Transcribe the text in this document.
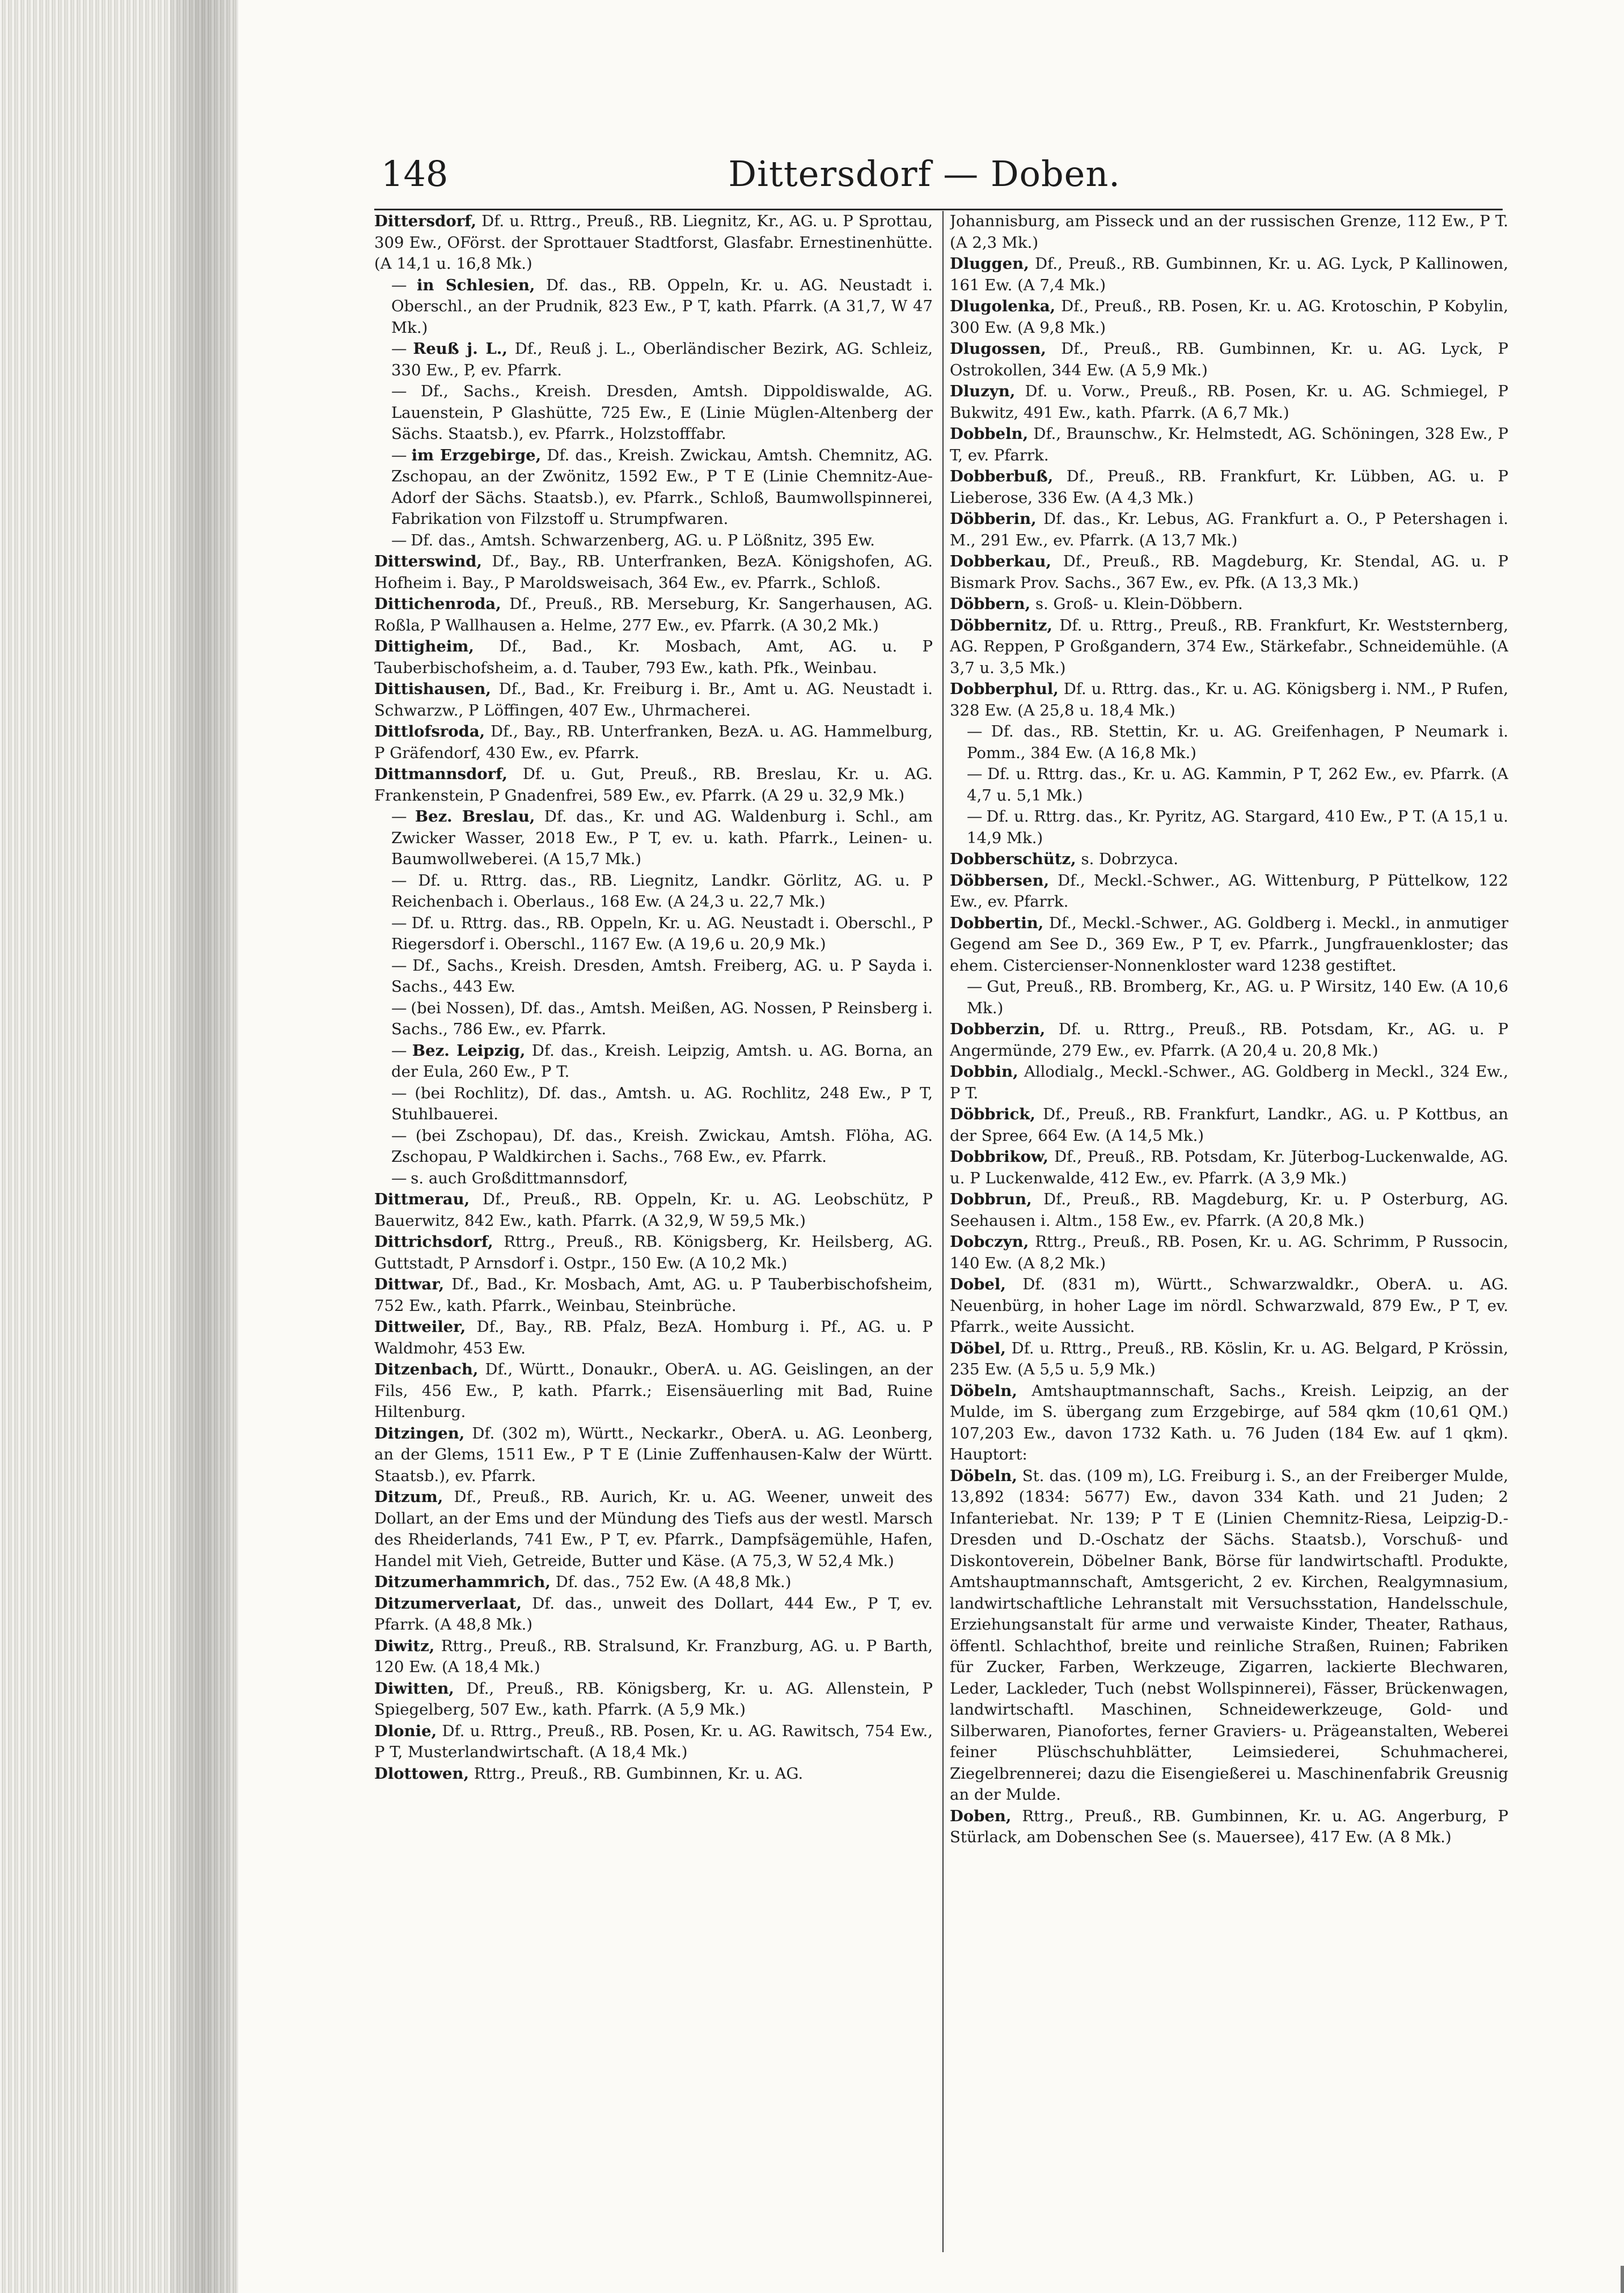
148	Dittersdorf — Doben.

Dittersdorf, Df. u. Rttrg., Preuß., RB. Liegnitz, Kr., AG. u. P Sprottau, 309 Ew., OFörst. der Sprottauer Stadtforst, Glasfabr. Ernestinenhütte. (A 14,1 u. 16,8 Mk.)

— in Schlesien, Df. das., RB. Oppeln, Kr. u. AG. Neustadt i. Oberschl., an der Prudnik, 823 Ew., P T, kath. Pfarrk. (A 31,7, W 47 Mk.)

— Reuß j. L., Df., Reuß j. L., Oberländischer Bezirk, AG. Schleiz, 330 Ew., P, ev. Pfarrk.

— Df., Sachs., Kreish. Dresden, Amtsh. Dippoldiswalde, AG. Lauenstein, P Glashütte, 725 Ew., E (Linie Müglen-Altenberg der Sächs. Staatsb.), ev. Pfarrk., Holzstofffabr.

— im Erzgebirge, Df. das., Kreish. Zwickau, Amtsh. Chemnitz, AG. Zschopau, an der Zwönitz, 1592 Ew., P T E (Linie Chemnitz-Aue-Adorf der Sächs. Staatsb.), ev. Pfarrk., Schloß, Baumwollspinnerei, Fabrikation von Filzstoff u. Strumpfwaren.

— Df. das., Amtsh. Schwarzenberg, AG. u. P Lößnitz, 395 Ew.

Ditterswind, Df., Bay., RB. Unterfranken, BezA. Königshofen, AG. Hofheim i. Bay., P Maroldsweisach, 364 Ew., ev. Pfarrk., Schloß.

Dittichenroda, Df., Preuß., RB. Merseburg, Kr. Sangerhausen, AG. Roßla, P Wallhausen a. Helme, 277 Ew., ev. Pfarrk. (A 30,2 Mk.)

Dittigheim, Df., Bad., Kr. Mosbach, Amt, AG. u. P Tauberbischofsheim, a. d. Tauber, 793 Ew., kath. Pfk., Weinbau.

Dittishausen, Df., Bad., Kr. Freiburg i. Br., Amt u. AG. Neustadt i. Schwarzw., P Löffingen, 407 Ew., Uhrmacherei.

Dittlofsroda, Df., Bay., RB. Unterfranken, BezA. u. AG. Hammelburg, P Gräfendorf, 430 Ew., ev. Pfarrk.

Dittmannsdorf, Df. u. Gut, Preuß., RB. Breslau, Kr. u. AG. Frankenstein, P Gnadenfrei, 589 Ew., ev. Pfarrk. (A 29 u. 32,9 Mk.)

— Bez. Breslau, Df. das., Kr. und AG. Waldenburg i. Schl., am Zwicker Wasser, 2018 Ew., P T, ev. u. kath. Pfarrk., Leinen- u. Baumwollweberei. (A 15,7 Mk.)

— Df. u. Rttrg. das., RB. Liegnitz, Landkr. Görlitz, AG. u. P Reichenbach i. Oberlaus., 168 Ew. (A 24,3 u. 22,7 Mk.)

— Df. u. Rttrg. das., RB. Oppeln, Kr. u. AG. Neustadt i. Oberschl., P Riegersdorf i. Oberschl., 1167 Ew. (A 19,6 u. 20,9 Mk.)

— Df., Sachs., Kreish. Dresden, Amtsh. Freiberg, AG. u. P Sayda i. Sachs., 443 Ew.

— (bei Nossen), Df. das., Amtsh. Meißen, AG. Nossen, P Reinsberg i. Sachs., 786 Ew., ev. Pfarrk.

— Bez. Leipzig, Df. das., Kreish. Leipzig, Amtsh. u. AG. Borna, an der Eula, 260 Ew., P T.

— (bei Rochlitz), Df. das., Amtsh. u. AG. Rochlitz, 248 Ew., P T, Stuhlbauerei.

— (bei Zschopau), Df. das., Kreish. Zwickau, Amtsh. Flöha, AG. Zschopau, P Waldkirchen i. Sachs., 768 Ew., ev. Pfarrk.

— s. auch Großdittmannsdorf,

Dittmerau, Df., Preuß., RB. Oppeln, Kr. u. AG. Leobschütz, P Bauerwitz, 842 Ew., kath. Pfarrk. (A 32,9, W 59,5 Mk.)

Dittrichsdorf, Rttrg., Preuß., RB. Königsberg, Kr. Heilsberg, AG. Guttstadt, P Arnsdorf i. Ostpr., 150 Ew. (A 10,2 Mk.)

Dittwar, Df., Bad., Kr. Mosbach, Amt, AG. u. P Tauberbischofsheim, 752 Ew., kath. Pfarrk., Weinbau, Steinbrüche.

Dittweiler, Df., Bay., RB. Pfalz, BezA. Homburg i. Pf., AG. u. P Waldmohr, 453 Ew.

Ditzenbach, Df., Württ., Donaukr., OberA. u. AG. Geislingen, an der Fils, 456 Ew., P, kath. Pfarrk.; Eisensäuerling mit Bad, Ruine Hiltenburg.

Ditzingen, Df. (302 m), Württ., Neckarkr., OberA. u. AG. Leonberg, an der Glems, 1511 Ew., P T E (Linie Zuffenhausen-Kalw der Württ. Staatsb.), ev. Pfarrk.

Ditzum, Df., Preuß., RB. Aurich, Kr. u. AG. Weener, unweit des Dollart, an der Ems und der Mündung des Tiefs aus der westl. Marsch des Rheiderlands, 741 Ew., P T, ev. Pfarrk., Dampfsägemühle, Hafen, Handel mit Vieh, Getreide, Butter und Käse. (A 75,3, W 52,4 Mk.)

Ditzumerhammrich, Df. das., 752 Ew. (A 48,8 Mk.)

Ditzumerverlaat, Df. das., unweit des Dollart, 444 Ew., P T, ev. Pfarrk. (A 48,8 Mk.)

Diwitz, Rttrg., Preuß., RB. Stralsund, Kr. Franzburg, AG. u. P Barth, 120 Ew. (A 18,4 Mk.)

Diwitten, Df., Preuß., RB. Königsberg, Kr. u. AG. Allenstein, P Spiegelberg, 507 Ew., kath. Pfarrk. (A 5,9 Mk.)

Dlonie, Df. u. Rttrg., Preuß., RB. Posen, Kr. u. AG. Rawitsch, 754 Ew., P T, Musterlandwirtschaft. (A 18,4 Mk.)

Dlottowen, Rttrg., Preuß., RB. Gumbinnen, Kr. u. AG.

Johannisburg, am Pisseck und an der russischen Grenze, 112 Ew., P T. (A 2,3 Mk.)

Dluggen, Df., Preuß., RB. Gumbinnen, Kr. u. AG. Lyck, P Kallinowen, 161 Ew. (A 7,4 Mk.)

Dlugolenka, Df., Preuß., RB. Posen, Kr. u. AG. Krotoschin, P Kobylin, 300 Ew. (A 9,8 Mk.)

Dlugossen, Df., Preuß., RB. Gumbinnen, Kr. u. AG. Lyck, P Ostrokollen, 344 Ew. (A 5,9 Mk.)

Dluzyn, Df. u. Vorw., Preuß., RB. Posen, Kr. u. AG. Schmiegel, P Bukwitz, 491 Ew., kath. Pfarrk. (A 6,7 Mk.)

Dobbeln, Df., Braunschw., Kr. Helmstedt, AG. Schöningen, 328 Ew., P T, ev. Pfarrk.

Dobberbuß, Df., Preuß., RB. Frankfurt, Kr. Lübben, AG. u. P Lieberose, 336 Ew. (A 4,3 Mk.)

Döbberin, Df. das., Kr. Lebus, AG. Frankfurt a. O., P Petershagen i. M., 291 Ew., ev. Pfarrk. (A 13,7 Mk.)

Dobberkau, Df., Preuß., RB. Magdeburg, Kr. Stendal, AG. u. P Bismark Prov. Sachs., 367 Ew., ev. Pfk. (A 13,3 Mk.)

Döbbern, s. Groß- u. Klein-Döbbern.

Döbbernitz, Df. u. Rttrg., Preuß., RB. Frankfurt, Kr. Weststernberg, AG. Reppen, P Großgandern, 374 Ew., Stärkefabr., Schneidemühle. (A 3,7 u. 3,5 Mk.)

Dobberphul, Df. u. Rttrg. das., Kr. u. AG. Königsberg i. NM., P Rufen, 328 Ew. (A 25,8 u. 18,4 Mk.)

— Df. das., RB. Stettin, Kr. u. AG. Greifenhagen, P Neumark i. Pomm., 384 Ew. (A 16,8 Mk.)

— Df. u. Rttrg. das., Kr. u. AG. Kammin, P T, 262 Ew., ev. Pfarrk. (A 4,7 u. 5,1 Mk.)

— Df. u. Rttrg. das., Kr. Pyritz, AG. Stargard, 410 Ew., P T. (A 15,1 u. 14,9 Mk.)

Dobberschütz, s. Dobrzyca.

Döbbersen, Df., Meckl.-Schwer., AG. Wittenburg, P Püttelkow, 122 Ew., ev. Pfarrk.

Dobbertin, Df., Meckl.-Schwer., AG. Goldberg i. Meckl., in anmutiger Gegend am See D., 369 Ew., P T, ev. Pfarrk., Jungfrauenkloster; das ehem. Cistercienser-Nonnenkloster ward 1238 gestiftet.

— Gut, Preuß., RB. Bromberg, Kr., AG. u. P Wirsitz, 140 Ew. (A 10,6 Mk.)

Dobberzin, Df. u. Rttrg., Preuß., RB. Potsdam, Kr., AG. u. P Angermünde, 279 Ew., ev. Pfarrk. (A 20,4 u. 20,8 Mk.)

Dobbin, Allodialg., Meckl.-Schwer., AG. Goldberg in Meckl., 324 Ew., P T.

Döbbrick, Df., Preuß., RB. Frankfurt, Landkr., AG. u. P Kottbus, an der Spree, 664 Ew. (A 14,5 Mk.)

Dobbrikow, Df., Preuß., RB. Potsdam, Kr. Jüterbog-Luckenwalde, AG. u. P Luckenwalde, 412 Ew., ev. Pfarrk. (A 3,9 Mk.)

Dobbrun, Df., Preuß., RB. Magdeburg, Kr. u. P Osterburg, AG. Seehausen i. Altm., 158 Ew., ev. Pfarrk. (A 20,8 Mk.)

Dobczyn, Rttrg., Preuß., RB. Posen, Kr. u. AG. Schrimm, P Russocin, 140 Ew. (A 8,2 Mk.)

Dobel, Df. (831 m), Württ., Schwarzwaldkr., OberA. u. AG. Neuenbürg, in hoher Lage im nördl. Schwarzwald, 879 Ew., P T, ev. Pfarrk., weite Aussicht.

Döbel, Df. u. Rttrg., Preuß., RB. Köslin, Kr. u. AG. Belgard, P Krössin, 235 Ew. (A 5,5 u. 5,9 Mk.)

Döbeln, Amtshauptmannschaft, Sachs., Kreish. Leipzig, an der Mulde, im S. übergang zum Erzgebirge, auf 584 qkm (10,61 QM.) 107,203 Ew., davon 1732 Kath. u. 76 Juden (184 Ew. auf 1 qkm). Hauptort:

Döbeln, St. das. (109 m), LG. Freiburg i. S., an der Freiberger Mulde, 13,892 (1834: 5677) Ew., davon 334 Kath. und 21 Juden; 2 Infanteriebat. Nr. 139; P T E (Linien Chemnitz-Riesa, Leipzig-D.-Dresden und D.-Oschatz der Sächs. Staatsb.), Vorschuß- und Diskontoverein, Döbelner Bank, Börse für landwirtschaftl. Produkte, Amtshauptmannschaft, Amtsgericht, 2 ev. Kirchen, Realgymnasium, landwirtschaftliche Lehranstalt mit Versuchsstation, Handelsschule, Erziehungsanstalt für arme und verwaiste Kinder, Theater, Rathaus, öffentl. Schlachthof, breite und reinliche Straßen, Ruinen; Fabriken für Zucker, Farben, Werkzeuge, Zigarren, lackierte Blechwaren, Leder, Lackleder, Tuch (nebst Wollspinnerei), Fässer, Brückenwagen, landwirtschaftl. Maschinen, Schneidewerkzeuge, Gold- und Silberwaren, Pianofortes, ferner Graviers- u. Prägeanstalten, Weberei feiner Plüschschuhblätter, Leimsiederei, Schuhmacherei, Ziegelbrennerei; dazu die Eisengießerei u. Maschinenfabrik Greusnig an der Mulde.

Doben, Rttrg., Preuß., RB. Gumbinnen, Kr. u. AG. Angerburg, P Stürlack, am Dobenschen See (s. Mauersee), 417 Ew. (A 8 Mk.)
